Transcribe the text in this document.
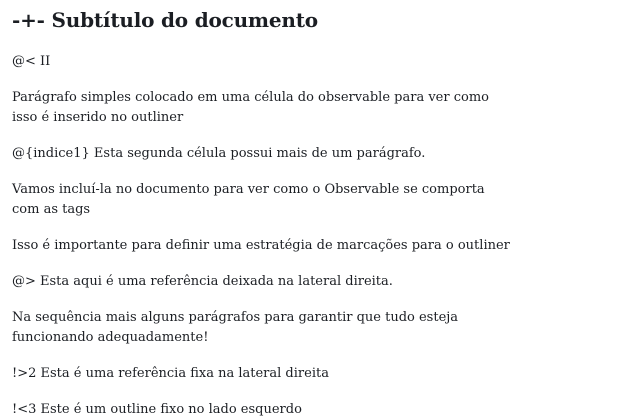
-+- Subtítulo do documento

@< II

Parágrafo simples colocado em uma célula do observable para ver como isso é inserido no outliner

@{indice1} Esta segunda célula possui mais de um parágrafo.

Vamos incluí-la no documento para ver como o Observable se comporta com as tags

Isso é importante para definir uma estratégia de marcações para o outliner

@> Esta aqui é uma referência deixada na lateral direita.

Na sequência mais alguns parágrafos para garantir que tudo esteja funcionando adequadamente!

!>2 Esta é uma referência fixa na lateral direita

!<3 Este é um outline fixo no lado esquerdo
